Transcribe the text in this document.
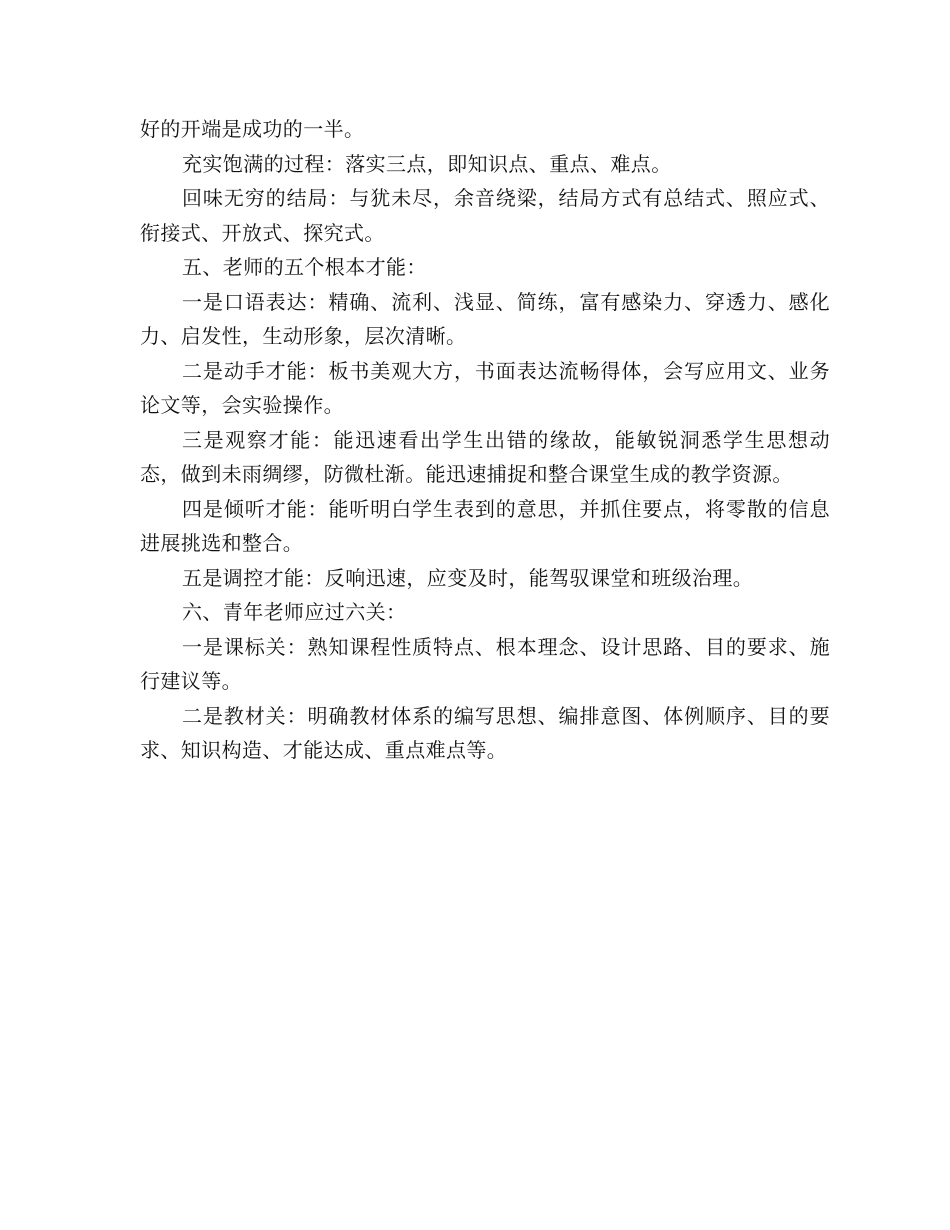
好的开端是成功的一半。

充实饱满的过程：落实三点，即知识点、重点、难点。

回味无穷的结局：与犹未尽，余音绕梁，结局方式有总结式、照应式、衔接式、开放式、探究式。

五、老师的五个根本才能：

一是口语表达：精确、流利、浅显、简练，富有感染力、穿透力、感化力、启发性，生动形象，层次清晰。

二是动手才能：板书美观大方，书面表达流畅得体，会写应用文、业务论文等，会实验操作。

三是观察才能：能迅速看出学生出错的缘故，能敏锐洞悉学生思想动态，做到未雨绸缪，防微杜渐。能迅速捕捉和整合课堂生成的教学资源。

四是倾听才能：能听明白学生表到的意思，并抓住要点，将零散的信息进展挑选和整合。

五是调控才能：反响迅速，应变及时，能驾驭课堂和班级治理。

六、青年老师应过六关：

一是课标关：熟知课程性质特点、根本理念、设计思路、目的要求、施行建议等。

二是教材关：明确教材体系的编写思想、编排意图、体例顺序、目的要求、知识构造、才能达成、重点难点等。
